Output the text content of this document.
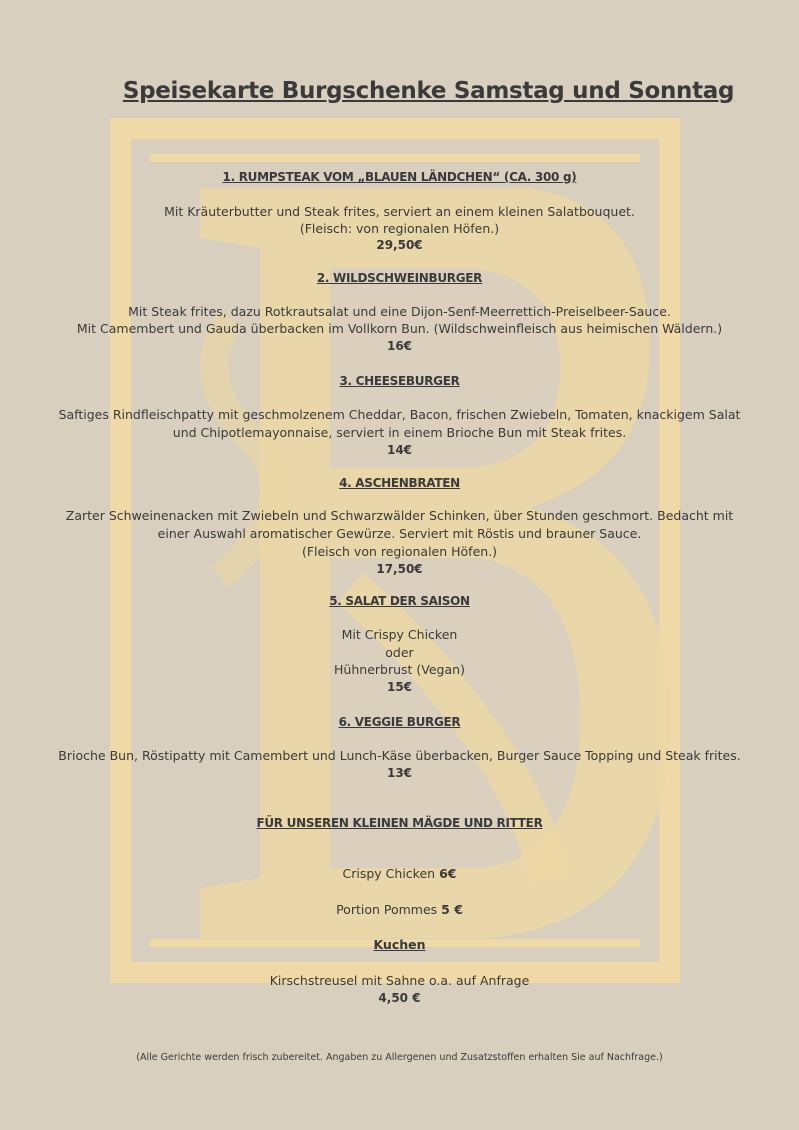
Speisekarte Burgschenke Samstag und Sonntag
1. RUMPSTEAK VOM „BLAUEN LÄNDCHEN“ (CA. 300 g)
Mit Kräuterbutter und Steak frites, serviert an einem kleinen Salatbouquet.
(Fleisch: von regionalen Höfen.)
29,50€
2. WILDSCHWEINBURGER
Mit Steak frites, dazu Rotkrautsalat und eine Dijon-Senf-Meerrettich-Preiselbeer-Sauce.
Mit Camembert und Gauda überbacken im Vollkorn Bun. (Wildschweinfleisch aus heimischen Wäldern.)
16€
3. CHEESEBURGER
Saftiges Rindfleischpatty mit geschmolzenem Cheddar, Bacon, frischen Zwiebeln, Tomaten, knackigem Salat
und Chipotlemayonnaise, serviert in einem Brioche Bun mit Steak frites.
14€
4. ASCHENBRATEN
Zarter Schweinenacken mit Zwiebeln und Schwarzwälder Schinken, über Stunden geschmort. Bedacht mit
einer Auswahl aromatischer Gewürze. Serviert mit Röstis und brauner Sauce.
(Fleisch von regionalen Höfen.)
17,50€
5. SALAT DER SAISON
Mit Crispy Chicken
oder
Hühnerbrust (Vegan)
15€
6. VEGGIE BURGER
Brioche Bun, Röstipatty mit Camembert und Lunch-Käse überbacken, Burger Sauce Topping und Steak frites.
13€
FÜR UNSEREN KLEINEN MÄGDE UND RITTER
Crispy Chicken 6€
Portion Pommes 5 €
Kuchen
Kirschstreusel mit Sahne o.a. auf Anfrage
4,50 €
(Alle Gerichte werden frisch zubereitet. Angaben zu Allergenen und Zusatzstoffen erhalten Sie auf Nachfrage.)
